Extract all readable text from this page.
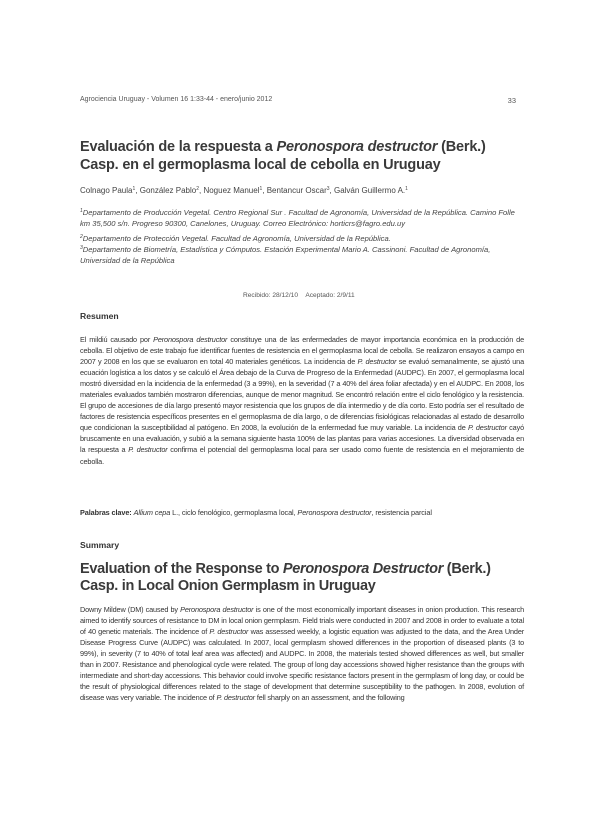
Agrociencia Uruguay - Volumen 16 1:33-44 - enero/junio 2012	33
Evaluación de la respuesta a Peronospora destructor (Berk.) Casp. en el germoplasma local de cebolla en Uruguay
Colnago Paula$^1$, González Pablo$^2$, Noguez Manuel$^1$, Bentancur Oscar$^3$, Galván Guillermo A.$^1$
$^1$Departamento de Producción Vegetal. Centro Regional Sur . Facultad de Agronomía, Universidad de la República. Camino Folle km 35,500 s/n. Progreso 90300, Canelones, Uruguay. Correo Electrónico: horticrs@fagro.edu.uy
$^2$Departamento de Protección Vegetal. Facultad de Agronomía, Universidad de la República.
$^3$Departamento de Biometría, Estadística y Cómputos. Estación Experimental Mario A. Cassinoni. Facultad de Agronomía, Universidad de la República
Recibido: 28/12/10 Aceptado: 2/9/11
Resumen

El mildiú causado por Peronospora destructor constituye una de las enfermedades de mayor importancia económica en la producción de cebolla. El objetivo de este trabajo fue identificar fuentes de resistencia en el germoplasma local de cebolla. Se realizaron ensayos a campo en 2007 y 2008 en los que se evaluaron en total 40 materiales genéticos. La incidencia de P. destructor se evaluó semanalmente, se ajustó una ecuación logística a los datos y se calculó el Área debajo de la Curva de Progreso de la Enfermedad (AUDPC). En 2007, el germoplasma local mostró diversidad en la incidencia de la enfermedad (3 a 99%), en la severidad (7 a 40% del área foliar afectada) y en el AUDPC. En 2008, los materiales evaluados también mostraron diferencias, aunque de menor magnitud. Se encontró relación entre el ciclo fenológico y la resistencia. El grupo de accesiones de día largo presentó mayor resistencia que los grupos de día intermedio y de día corto. Esto podría ser el resultado de factores de resistencia específicos presentes en el germoplasma de día largo, o de diferencias fisiológicas relacionadas al estado de desarrollo que condicionan la susceptibilidad al patógeno. En 2008, la evolución de la enfermedad fue muy variable. La incidencia de P. destructor cayó bruscamente en una evaluación, y subió a la semana siguiente hasta 100% de las plantas para varias accesiones. La diversidad observada en la respuesta a P. destructor confirma el potencial del germoplasma local para ser usado como fuente de resistencia en el mejoramiento de cebolla.

Palabras clave: Allium cepa L., ciclo fenológico, germoplasma local, Peronospora destructor, resistencia parcial

Summary
Evaluation of the Response to Peronospora Destructor (Berk.) Casp. in Local Onion Germplasm in Uruguay

Downy Mildew (DM) caused by Peronospora destructor is one of the most economically important diseases in onion production. This research aimed to identify sources of resistance to DM in local onion germplasm. Field trials were conducted in 2007 and 2008 in order to evaluate a total of 40 genetic materials. The incidence of P. destructor was assessed weekly, a logistic equation was adjusted to the data, and the Area Under Disease Progress Curve (AUDPC) was calculated. In 2007, local germplasm showed differences in the proportion of diseased plants (3 to 99%), in severity (7 to 40% of total leaf area was affected) and AUDPC. In 2008, the materials tested showed differences as well, but smaller than in 2007. Resistance and phenological cycle were related. The group of long day accessions showed higher resistance than the groups with intermediate and short-day accessions. This behavior could involve specific resistance factors present in the germplasm of long day, or could be the result of physiological differences related to the stage of development that determine susceptibility to the pathogen. In 2008, evolution of disease was very variable. The incidence of P. destructor fell sharply on an assessment, and the following
